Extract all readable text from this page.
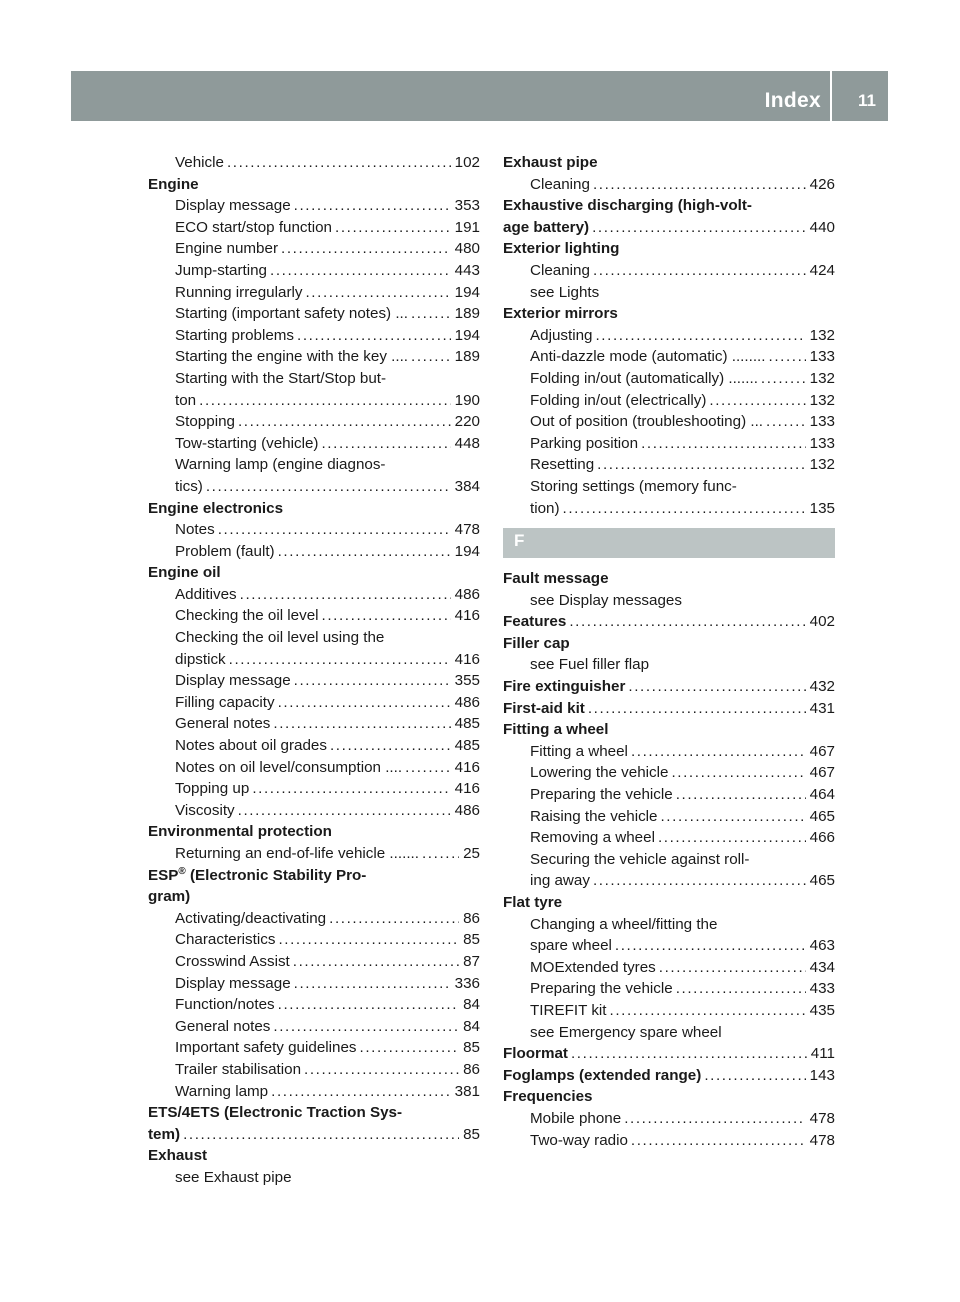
Index 11
Vehicle .....	102
Engine
Display message .....	353
ECO start/stop function .....	191
Engine number .....	480
Jump-starting .....	443
Running irregularly .....	194
Starting (important safety notes) ... .....	189
Starting problems .....	194
Starting the engine with the key .... .....	189
Starting with the Start/Stop but-
ton .....	190
Stopping .....	220
Tow-starting (vehicle) .....	448
Warning lamp (engine diagnos-
tics) .....	384
Engine electronics
Notes .....	478
Problem (fault) .....	194
Engine oil
Additives .....	486
Checking the oil level .....	416
Checking the oil level using the
dipstick .....	416
Display message .....	355
Filling capacity .....	486
General notes .....	485
Notes about oil grades .....	485
Notes on oil level/consumption .... .....	416
Topping up .....	416
Viscosity .....	486
Environmental protection
Returning an end-of-life vehicle ....... .....	25
ESP® (Electronic Stability Pro-
gram)
Activating/deactivating .....	86
Characteristics .....	85
Crosswind Assist .....	87
Display message .....	336
Function/notes .....	84
General notes .....	84
Important safety guidelines .....	85
Trailer stabilisation .....	86
Warning lamp .....	381
ETS/4ETS (Electronic Traction Sys-
tem) .....	85
Exhaust
see Exhaust pipe
Exhaust pipe
Cleaning .....	426
Exhaustive discharging (high-volt-
age battery) .....	440
Exterior lighting
Cleaning .....	424
see Lights
Exterior mirrors
Adjusting .....	132
Anti-dazzle mode (automatic) ........ .....	133
Folding in/out (automatically) ....... .....	132
Folding in/out (electrically) .....	132
Out of position (troubleshooting) ... .....	133
Parking position .....	133
Resetting .....	132
Storing settings (memory func-
tion) .....	135
F
Fault message
see Display messages
Features .....	402
Filler cap
see Fuel filler flap
Fire extinguisher .....	432
First-aid kit .....	431
Fitting a wheel
Fitting a wheel .....	467
Lowering the vehicle .....	467
Preparing the vehicle .....	464
Raising the vehicle .....	465
Removing a wheel .....	466
Securing the vehicle against roll-
ing away .....	465
Flat tyre
Changing a wheel/fitting the
spare wheel .....	463
MOExtended tyres .....	434
Preparing the vehicle .....	433
TIREFIT kit .....	435
see Emergency spare wheel
Floormat .....	411
Foglamps (extended range) .....	143
Frequencies
Mobile phone .....	478
Two-way radio .....	478
